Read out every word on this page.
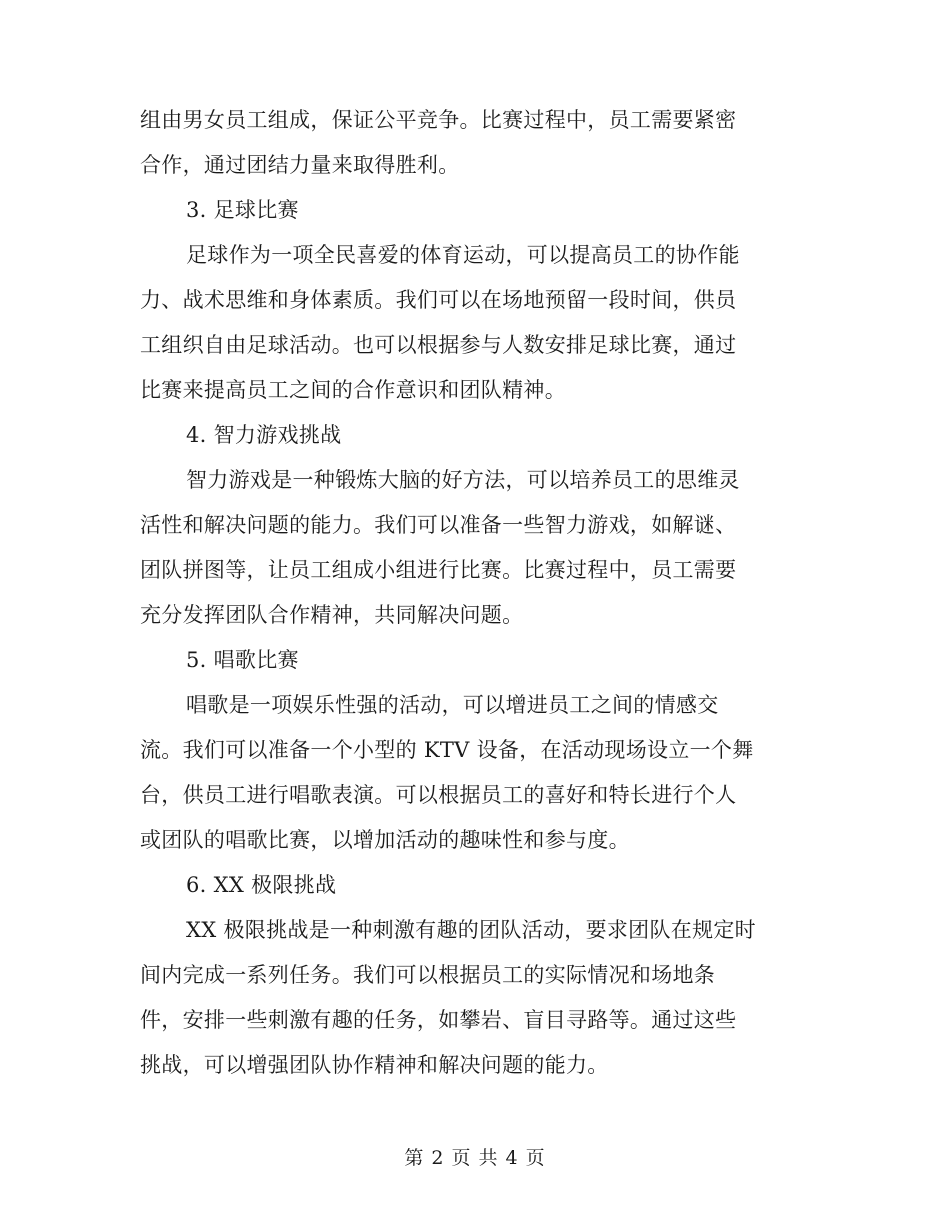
组由男女员工组成，保证公平竞争。比赛过程中，员工需要紧密
合作，通过团结力量来取得胜利。
3. 足球比赛
足球作为一项全民喜爱的体育运动，可以提高员工的协作能
力、战术思维和身体素质。我们可以在场地预留一段时间，供员
工组织自由足球活动。也可以根据参与人数安排足球比赛，通过
比赛来提高员工之间的合作意识和团队精神。
4. 智力游戏挑战
智力游戏是一种锻炼大脑的好方法，可以培养员工的思维灵
活性和解决问题的能力。我们可以准备一些智力游戏，如解谜、
团队拼图等，让员工组成小组进行比赛。比赛过程中，员工需要
充分发挥团队合作精神，共同解决问题。
5. 唱歌比赛
唱歌是一项娱乐性强的活动，可以增进员工之间的情感交
流。我们可以准备一个小型的 KTV 设备，在活动现场设立一个舞
台，供员工进行唱歌表演。可以根据员工的喜好和特长进行个人
或团队的唱歌比赛，以增加活动的趣味性和参与度。
6. XX 极限挑战
XX 极限挑战是一种刺激有趣的团队活动，要求团队在规定时
间内完成一系列任务。我们可以根据员工的实际情况和场地条
件，安排一些刺激有趣的任务，如攀岩、盲目寻路等。通过这些
挑战，可以增强团队协作精神和解决问题的能力。
第 2 页 共 4 页
